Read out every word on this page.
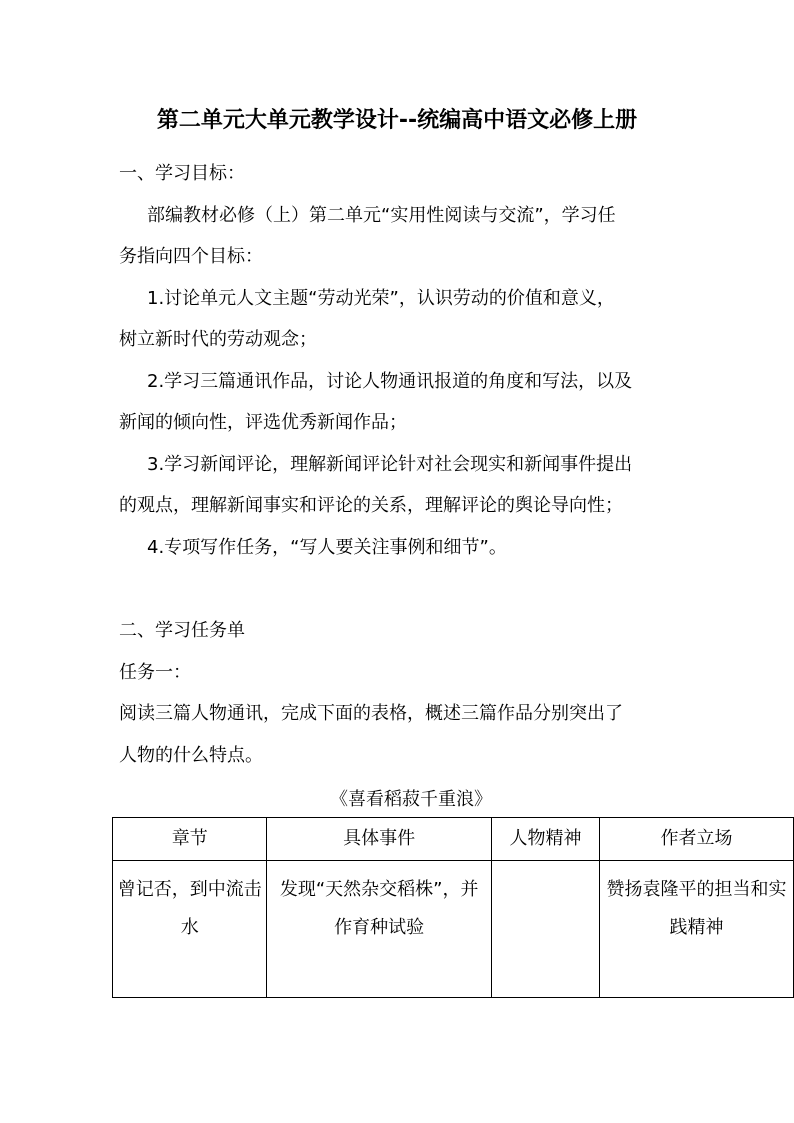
第二单元大单元教学设计--统编高中语文必修上册
一、学习目标：
部编教材必修（上）第二单元“实用性阅读与交流”，学习任
务指向四个目标：
1.讨论单元人文主题“劳动光荣”，认识劳动的价值和意义，
树立新时代的劳动观念；
2.学习三篇通讯作品，讨论人物通讯报道的角度和写法，以及
新闻的倾向性，评选优秀新闻作品；
3.学习新闻评论，理解新闻评论针对社会现实和新闻事件提出
的观点，理解新闻事实和评论的关系，理解评论的舆论导向性；
4.专项写作任务，“写人要关注事例和细节”。
二、学习任务单
任务一：
阅读三篇人物通讯，完成下面的表格，概述三篇作品分别突出了
人物的什么特点。
《喜看稻菽千重浪》
章节	具体事件	人物精神	作者立场
曾记否，到中流击水	发现“天然杂交稻株”，并作育种试验		赞扬袁隆平的担当和实践精神
